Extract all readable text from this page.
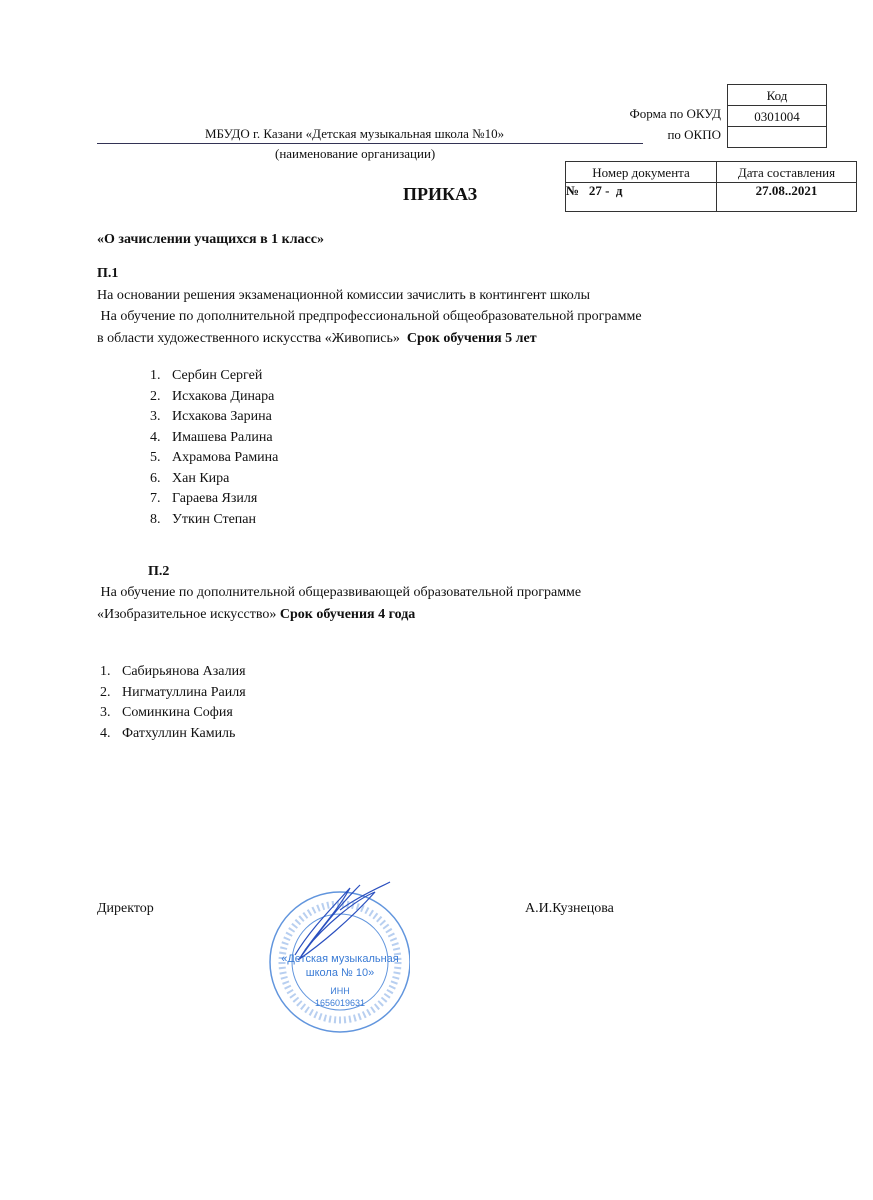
Код
0301004

Форма по ОКУД
по ОКПО
МБУДО г. Казани «Детская музыкальная школа №10»
(наименование организации)
Номер документа	Дата составления
№   27 -  д	27.08..2021
ПРИКАЗ
«О зачислении учащихся в 1 класс»
П.1
На основании решения экзаменационной комиссии зачислить в контингент школы
На обучение по дополнительной предпрофессиональной общеобразовательной программе
в области художественного искусства «Живопись» Срок обучения 5 лет
1. Сербин Сергей
2. Исхакова Динара
3. Исхакова Зарина
4. Имашева Ралина
5. Ахрамова Рамина
6. Хан Кира
7. Гараева Язиля
8. Уткин Степан
П.2
На обучение по дополнительной общеразвивающей образовательной программе
«Изобразительное искусство» Срок обучения 4 года
1. Сабирьянова Азалия
2. Нигматуллина Раиля
3. Соминкина София
4. Фатхуллин Камиль
Директор	А.И.Кузнецова
«Детская музыкальная школа № 10»
ИНН
1656019631
